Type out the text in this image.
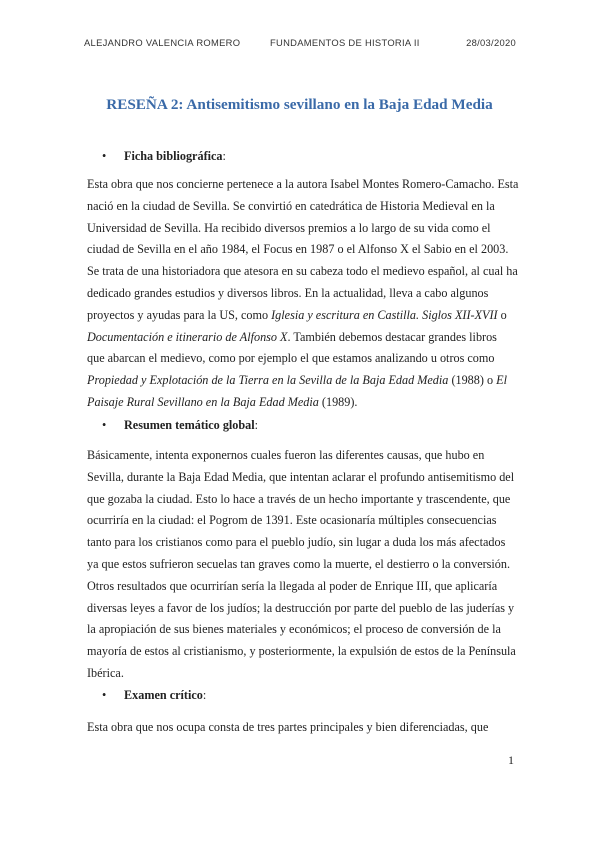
ALEJANDRO VALENCIA ROMERO	FUNDAMENTOS DE HISTORIA II	28/03/2020
RESEÑA 2: Antisemitismo sevillano en la Baja Edad Media
• Ficha bibliográfica:
Esta obra que nos concierne pertenece a la autora Isabel Montes Romero-Camacho. Esta
nació en la ciudad de Sevilla. Se convirtió en catedrática de Historia Medieval en la
Universidad de Sevilla. Ha recibido diversos premios a lo largo de su vida como el
ciudad de Sevilla en el año 1984, el Focus en 1987 o el Alfonso X el Sabio en el 2003.
Se trata de una historiadora que atesora en su cabeza todo el medievo español, al cual ha
dedicado grandes estudios y diversos libros. En la actualidad, lleva a cabo algunos
proyectos y ayudas para la US, como Iglesia y escritura en Castilla. Siglos XII-XVII o
Documentación e itinerario de Alfonso X. También debemos destacar grandes libros
que abarcan el medievo, como por ejemplo el que estamos analizando u otros como
Propiedad y Explotación de la Tierra en la Sevilla de la Baja Edad Media (1988) o El
Paisaje Rural Sevillano en la Baja Edad Media (1989).
• Resumen temático global:
Básicamente, intenta exponernos cuales fueron las diferentes causas, que hubo en
Sevilla, durante la Baja Edad Media, que intentan aclarar el profundo antisemitismo del
que gozaba la ciudad. Esto lo hace a través de un hecho importante y trascendente, que
ocurriría en la ciudad: el Pogrom de 1391. Este ocasionaría múltiples consecuencias
tanto para los cristianos como para el pueblo judío, sin lugar a duda los más afectados
ya que estos sufrieron secuelas tan graves como la muerte, el destierro o la conversión.
Otros resultados que ocurrirían sería la llegada al poder de Enrique III, que aplicaría
diversas leyes a favor de los judíos; la destrucción por parte del pueblo de las juderías y
la apropiación de sus bienes materiales y económicos; el proceso de conversión de la
mayoría de estos al cristianismo, y posteriormente, la expulsión de estos de la Península
Ibérica.
• Examen crítico:
Esta obra que nos ocupa consta de tres partes principales y bien diferenciadas, que
1
